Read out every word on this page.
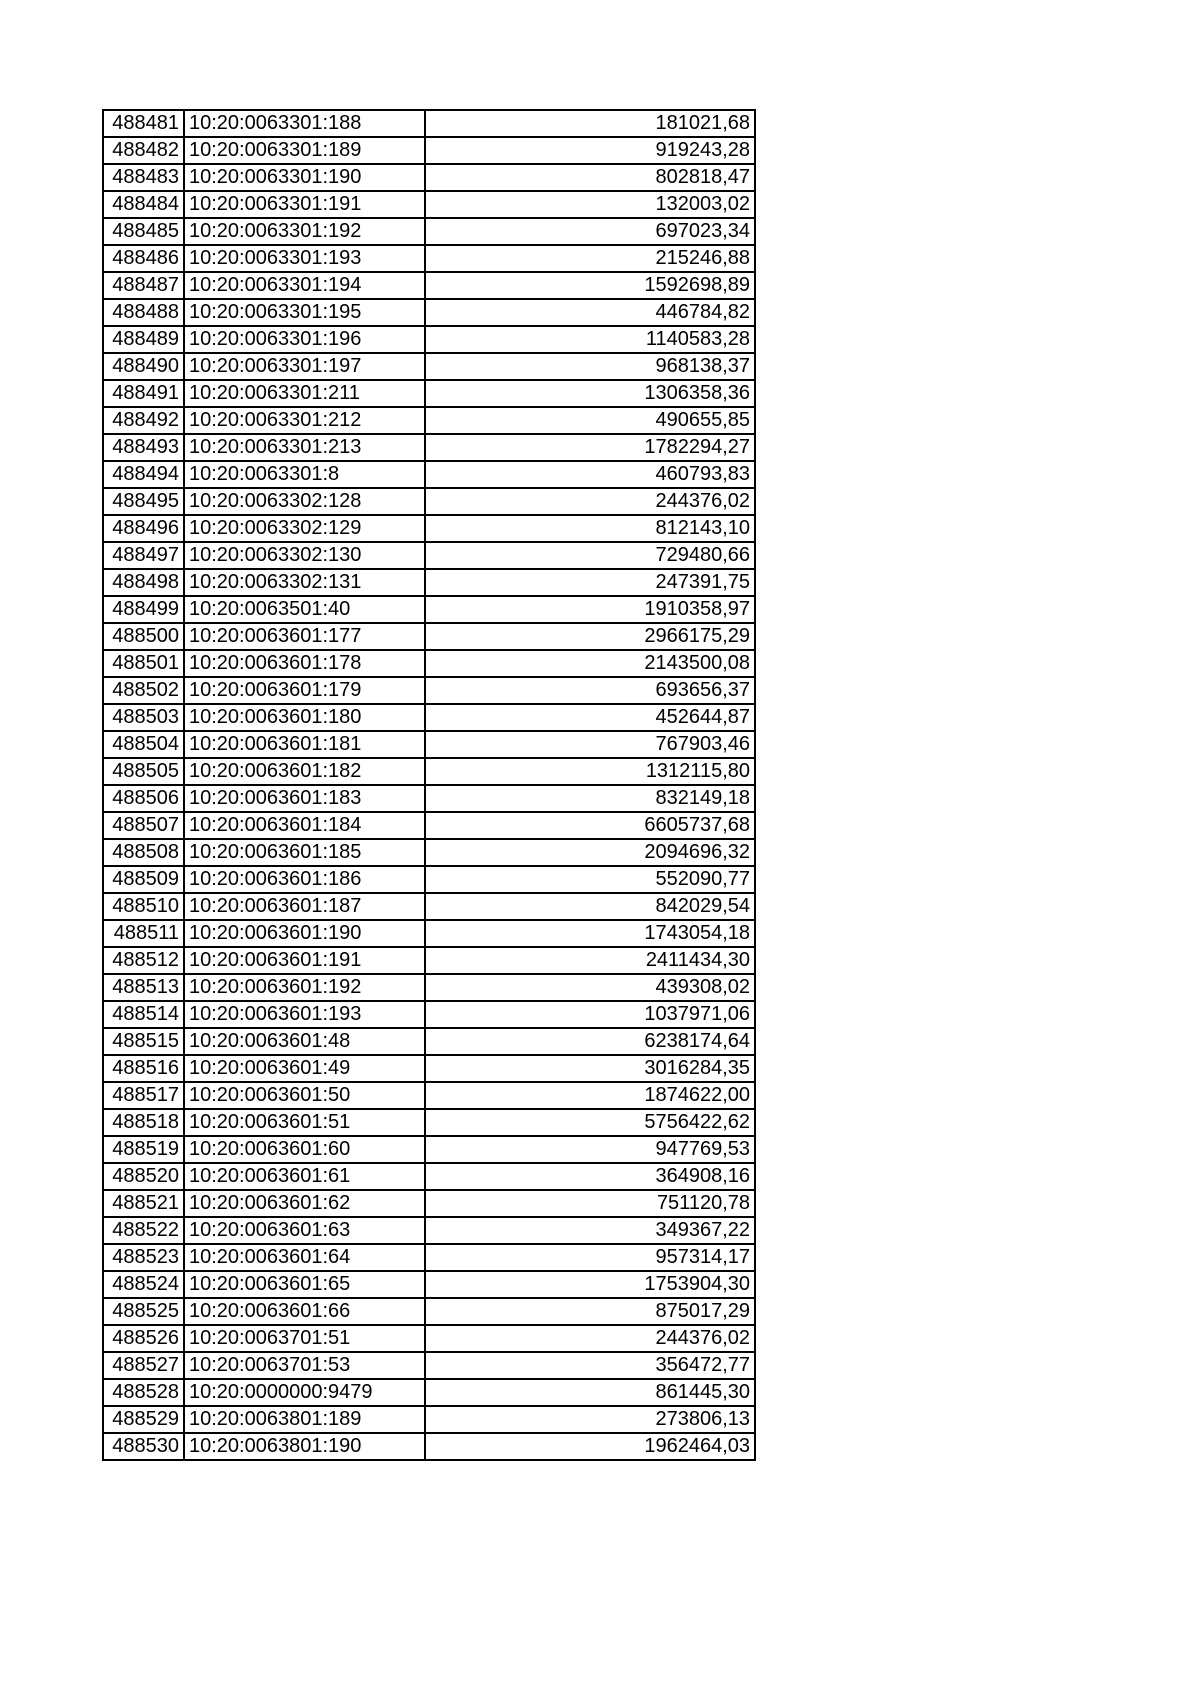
488481	10:20:0063301:188	181021,68
488482	10:20:0063301:189	919243,28
488483	10:20:0063301:190	802818,47
488484	10:20:0063301:191	132003,02
488485	10:20:0063301:192	697023,34
488486	10:20:0063301:193	215246,88
488487	10:20:0063301:194	1592698,89
488488	10:20:0063301:195	446784,82
488489	10:20:0063301:196	1140583,28
488490	10:20:0063301:197	968138,37
488491	10:20:0063301:211	1306358,36
488492	10:20:0063301:212	490655,85
488493	10:20:0063301:213	1782294,27
488494	10:20:0063301:8	460793,83
488495	10:20:0063302:128	244376,02
488496	10:20:0063302:129	812143,10
488497	10:20:0063302:130	729480,66
488498	10:20:0063302:131	247391,75
488499	10:20:0063501:40	1910358,97
488500	10:20:0063601:177	2966175,29
488501	10:20:0063601:178	2143500,08
488502	10:20:0063601:179	693656,37
488503	10:20:0063601:180	452644,87
488504	10:20:0063601:181	767903,46
488505	10:20:0063601:182	1312115,80
488506	10:20:0063601:183	832149,18
488507	10:20:0063601:184	6605737,68
488508	10:20:0063601:185	2094696,32
488509	10:20:0063601:186	552090,77
488510	10:20:0063601:187	842029,54
488511	10:20:0063601:190	1743054,18
488512	10:20:0063601:191	2411434,30
488513	10:20:0063601:192	439308,02
488514	10:20:0063601:193	1037971,06
488515	10:20:0063601:48	6238174,64
488516	10:20:0063601:49	3016284,35
488517	10:20:0063601:50	1874622,00
488518	10:20:0063601:51	5756422,62
488519	10:20:0063601:60	947769,53
488520	10:20:0063601:61	364908,16
488521	10:20:0063601:62	751120,78
488522	10:20:0063601:63	349367,22
488523	10:20:0063601:64	957314,17
488524	10:20:0063601:65	1753904,30
488525	10:20:0063601:66	875017,29
488526	10:20:0063701:51	244376,02
488527	10:20:0063701:53	356472,77
488528	10:20:0000000:9479	861445,30
488529	10:20:0063801:189	273806,13
488530	10:20:0063801:190	1962464,03
